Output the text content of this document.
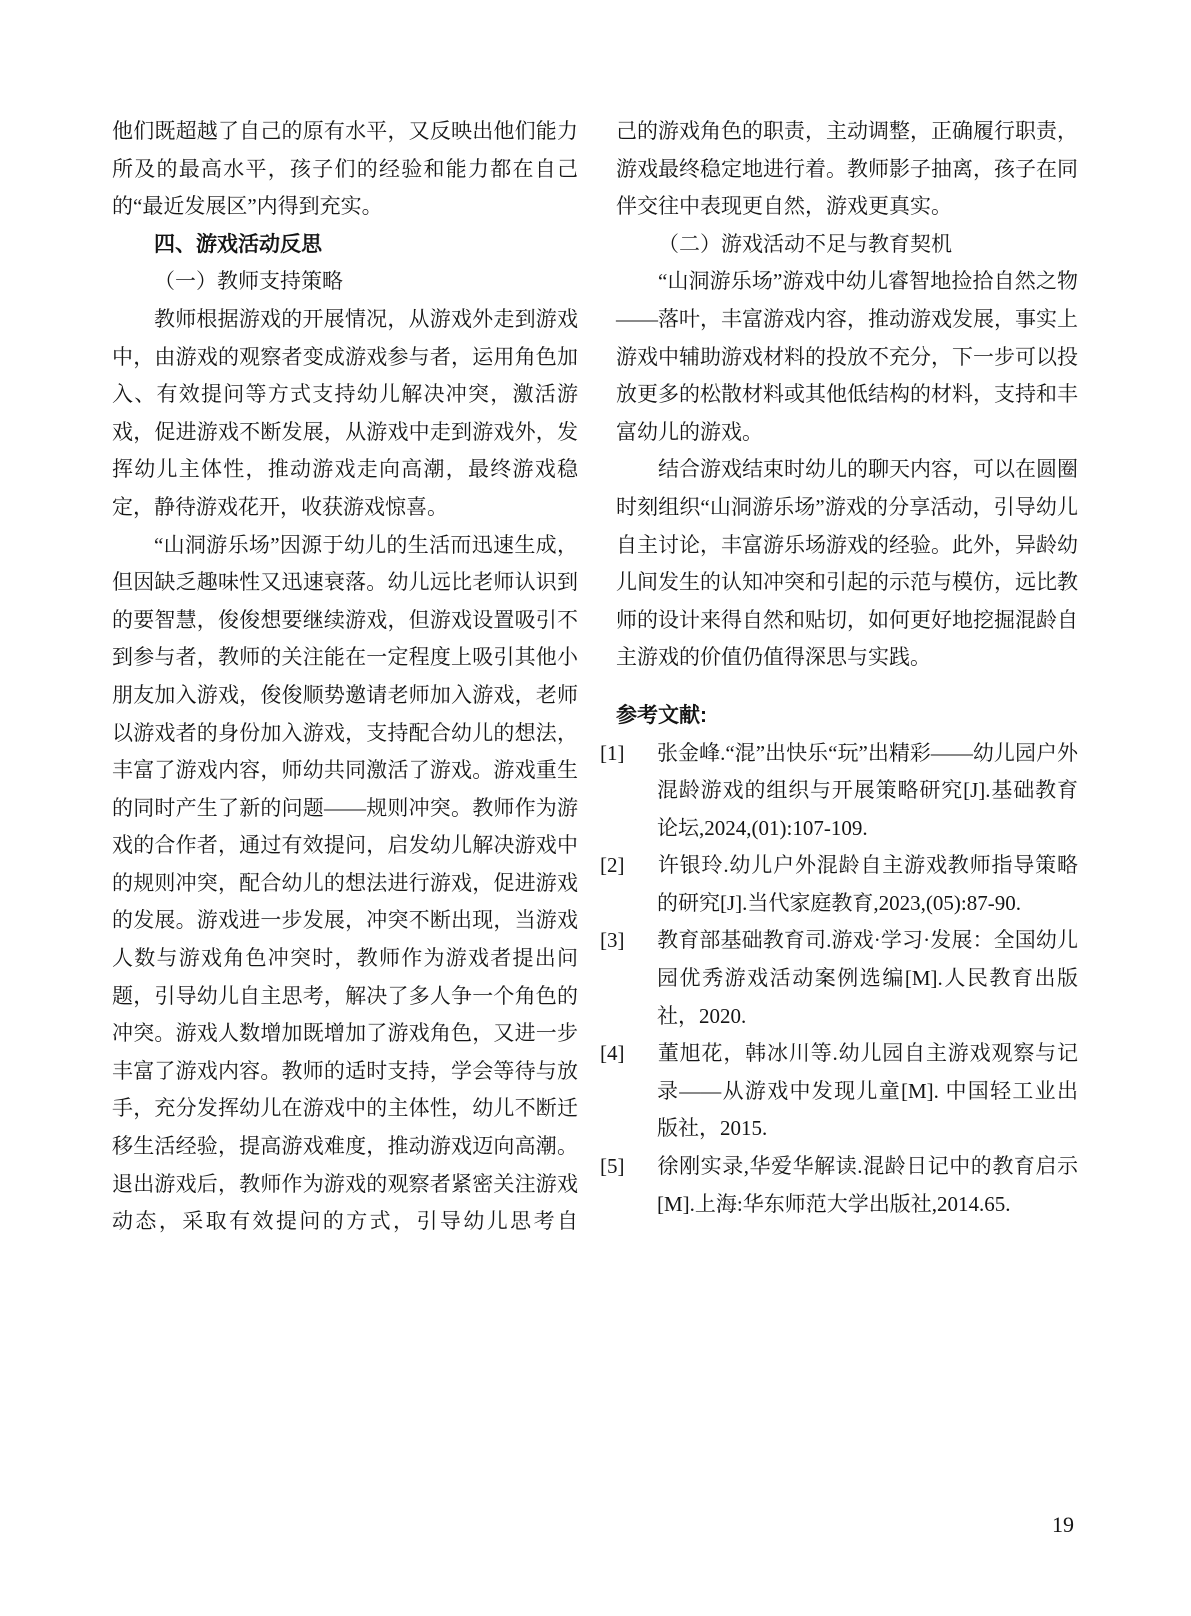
他们既超越了自己的原有水平，又反映出他们能力所及的最高水平，孩子们的经验和能力都在自己的“最近发展区”内得到充实。

四、游戏活动反思

（一）教师支持策略

教师根据游戏的开展情况，从游戏外走到游戏中，由游戏的观察者变成游戏参与者，运用角色加入、有效提问等方式支持幼儿解决冲突，激活游戏，促进游戏不断发展，从游戏中走到游戏外，发挥幼儿主体性，推动游戏走向高潮，最终游戏稳定，静待游戏花开，收获游戏惊喜。

“山洞游乐场”因源于幼儿的生活而迅速生成，但因缺乏趣味性又迅速衰落。幼儿远比老师认识到的要智慧，俊俊想要继续游戏，但游戏设置吸引不到参与者，教师的关注能在一定程度上吸引其他小朋友加入游戏，俊俊顺势邀请老师加入游戏，老师以游戏者的身份加入游戏，支持配合幼儿的想法，丰富了游戏内容，师幼共同激活了游戏。游戏重生的同时产生了新的问题——规则冲突。教师作为游戏的合作者，通过有效提问，启发幼儿解决游戏中的规则冲突，配合幼儿的想法进行游戏，促进游戏的发展。游戏进一步发展，冲突不断出现，当游戏人数与游戏角色冲突时，教师作为游戏者提出问题，引导幼儿自主思考，解决了多人争一个角色的冲突。游戏人数增加既增加了游戏角色，又进一步丰富了游戏内容。教师的适时支持，学会等待与放手，充分发挥幼儿在游戏中的主体性，幼儿不断迁移生活经验，提高游戏难度，推动游戏迈向高潮。退出游戏后，教师作为游戏的观察者紧密关注游戏动态，采取有效提问的方式，引导幼儿思考自

己的游戏角色的职责，主动调整，正确履行职责，游戏最终稳定地进行着。教师影子抽离，孩子在同伴交往中表现更自然，游戏更真实。

（二）游戏活动不足与教育契机

“山洞游乐场”游戏中幼儿睿智地捡拾自然之物——落叶，丰富游戏内容，推动游戏发展，事实上游戏中辅助游戏材料的投放不充分，下一步可以投放更多的松散材料或其他低结构的材料，支持和丰富幼儿的游戏。

结合游戏结束时幼儿的聊天内容，可以在圆圈时刻组织“山洞游乐场”游戏的分享活动，引导幼儿自主讨论，丰富游乐场游戏的经验。此外，异龄幼儿间发生的认知冲突和引起的示范与模仿，远比教师的设计来得自然和贴切，如何更好地挖掘混龄自主游戏的价值仍值得深思与实践。

参考文献:
[1] 张金峰.“混”出快乐“玩”出精彩——幼儿园户外混龄游戏的组织与开展策略研究[J].基础教育论坛,2024,(01):107-109.
[2] 许银玲.幼儿户外混龄自主游戏教师指导策略的研究[J].当代家庭教育,2023,(05):87-90.
[3] 教育部基础教育司.游戏·学习·发展：全国幼儿园优秀游戏活动案例选编[M].人民教育出版社，2020.
[4] 董旭花，韩冰川等.幼儿园自主游戏观察与记录——从游戏中发现儿童[M]. 中国轻工业出版社，2015.
[5] 徐刚实录,华爱华解读.混龄日记中的教育启示[M].上海:华东师范大学出版社,2014.65.
19
